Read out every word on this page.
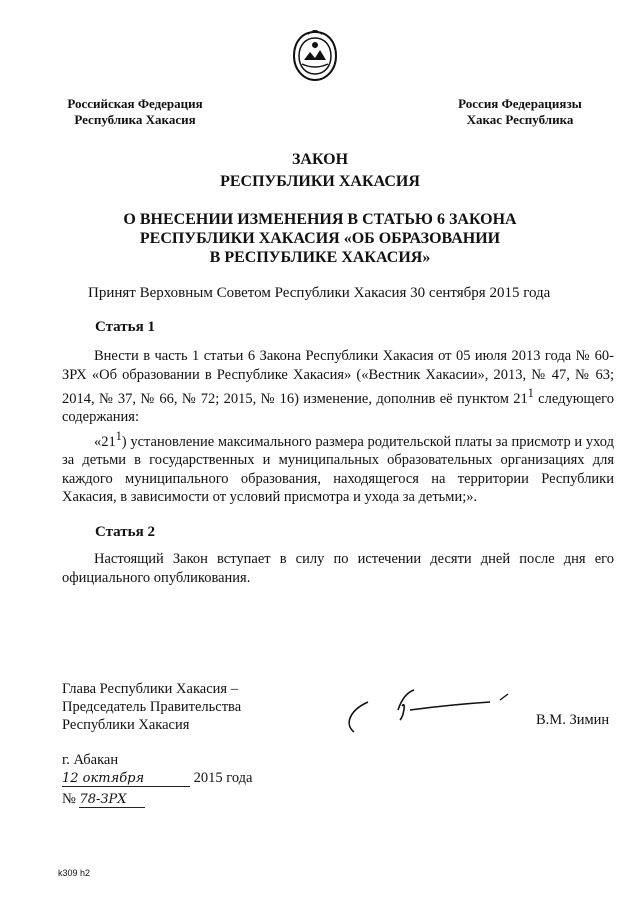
Российская Федерация
Республика Хакасия
Россия Федерациязы
Хакас Республика
ЗАКОН
РЕСПУБЛИКИ ХАКАСИЯ
О ВНЕСЕНИИ ИЗМЕНЕНИЯ В СТАТЬЮ 6 ЗАКОНА
РЕСПУБЛИКИ ХАКАСИЯ «ОБ ОБРАЗОВАНИИ
В РЕСПУБЛИКЕ ХАКАСИЯ»
Принят Верховным Советом Республики Хакасия 30 сентября 2015 года
Статья 1

Внести в часть 1 статьи 6 Закона Республики Хакасия от 05 июля 2013 года № 60-ЗРХ «Об образовании в Республике Хакасия» («Вестник Хакасии», 2013, № 47, № 63; 2014, № 37, № 66, № 72; 2015, № 16) изменение, дополнив её пунктом $21^1$ следующего содержания:

«$21^1$) установление максимального размера родительской платы за присмотр и уход за детьми в государственных и муниципальных образовательных организациях для каждого муниципального образования, находящегося на территории Республики Хакасия, в зависимости от условий присмотра и ухода за детьми;».

Статья 2

Настоящий Закон вступает в силу по истечении десяти дней после дня его официального опубликования.

Глава Республики Хакасия –
Председатель Правительства
Республики Хакасия	В.М. Зимин
г. Абакан
12 октября	2015 года
№ 78-ЗРХ
k309 h2
